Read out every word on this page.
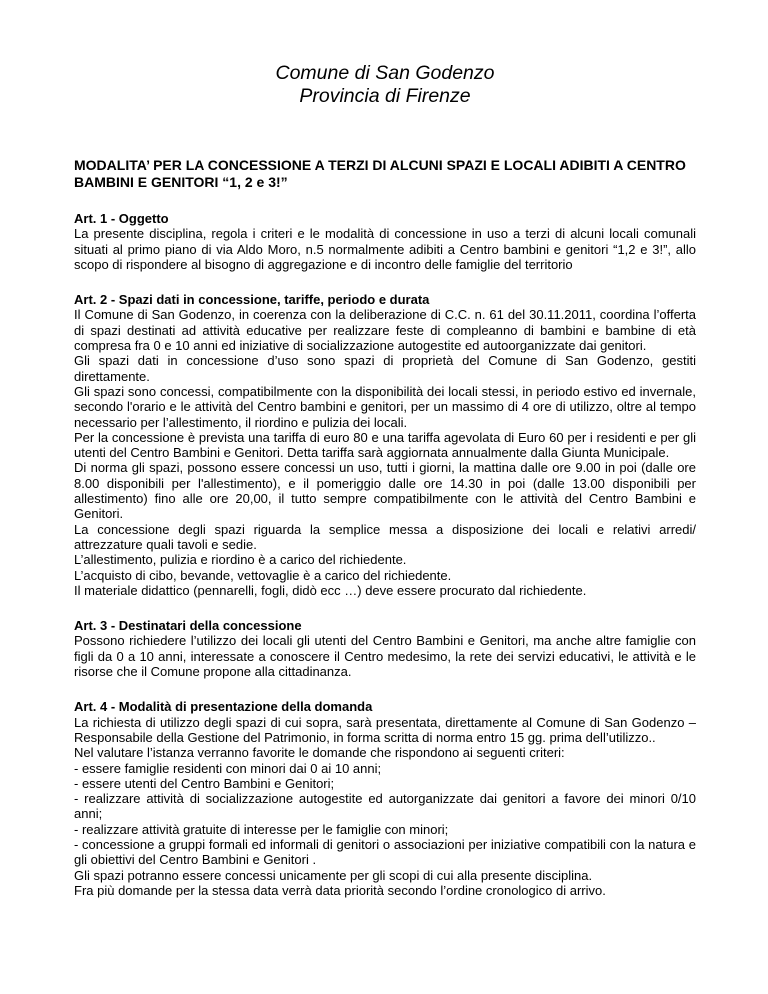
Comune di San Godenzo
Provincia di Firenze
MODALITA’ PER LA CONCESSIONE A TERZI DI ALCUNI SPAZI E LOCALI ADIBITI A CENTRO BAMBINI E GENITORI “1, 2 e 3!”
Art. 1 - Oggetto

La presente disciplina, regola i criteri e le modalità di concessione in uso a terzi di alcuni locali comunali situati al primo piano di via Aldo Moro, n.5 normalmente adibiti a Centro bambini e genitori “1,2 e 3!”, allo scopo di rispondere al bisogno di aggregazione e di incontro delle famiglie del territorio

Art. 2 - Spazi dati in concessione, tariffe, periodo e durata

Il Comune di San Godenzo, in coerenza con la deliberazione di C.C. n. 61 del 30.11.2011, coordina l’offerta di spazi destinati ad attività educative per realizzare feste di compleanno di bambini e bambine di età compresa fra 0 e 10 anni ed iniziative di socializzazione autogestite ed autoorganizzate dai genitori.

Gli spazi dati in concessione d’uso sono spazi di proprietà del Comune di San Godenzo, gestiti direttamente.

Gli spazi sono concessi, compatibilmente con la disponibilità dei locali stessi, in periodo estivo ed invernale, secondo l'orario e le attività del Centro bambini e genitori, per un massimo di 4 ore di utilizzo, oltre al tempo necessario per l’allestimento, il riordino e pulizia dei locali.

Per la concessione è prevista una tariffa di euro 80 e una tariffa agevolata di Euro 60 per i residenti e per gli utenti del Centro Bambini e Genitori. Detta tariffa sarà aggiornata annualmente dalla Giunta Municipale.

Di norma gli spazi, possono essere concessi un uso, tutti i giorni, la mattina dalle ore 9.00 in poi (dalle ore 8.00 disponibili per l'allestimento), e il pomeriggio dalle ore 14.30 in poi (dalle 13.00 disponibili per allestimento) fino alle ore 20,00, il tutto sempre compatibilmente con le attività del Centro Bambini e Genitori.

La concessione degli spazi riguarda la semplice messa a disposizione dei locali e relativi arredi/ attrezzature quali tavoli e sedie.

L’allestimento, pulizia e riordino è a carico del richiedente.

L’acquisto di cibo, bevande, vettovaglie è a carico del richiedente.

Il materiale didattico (pennarelli, fogli, didò ecc …) deve essere procurato dal richiedente.

Art. 3 - Destinatari della concessione

Possono richiedere l’utilizzo dei locali gli utenti del Centro Bambini e Genitori, ma anche altre famiglie con figli da 0 a 10 anni, interessate a conoscere il Centro medesimo, la rete dei servizi educativi, le attività e le risorse che il Comune propone alla cittadinanza.

Art. 4 - Modalità di presentazione della domanda

La richiesta di utilizzo degli spazi di cui sopra, sarà presentata, direttamente al Comune di San Godenzo – Responsabile della Gestione del Patrimonio, in forma scritta di norma entro 15 gg. prima dell’utilizzo..

Nel valutare l’istanza verranno favorite le domande che rispondono ai seguenti criteri:

- essere famiglie residenti con minori dai 0 ai 10 anni;

- essere utenti del Centro Bambini e Genitori;

- realizzare attività di socializzazione autogestite ed autorganizzate dai genitori a favore dei minori 0/10 anni;

- realizzare attività gratuite di interesse per le famiglie con minori;

- concessione a gruppi formali ed informali di genitori o associazioni per iniziative compatibili con la natura e gli obiettivi del Centro Bambini e Genitori .

Gli spazi potranno essere concessi unicamente per gli scopi di cui alla presente disciplina.

Fra più domande per la stessa data verrà data priorità secondo l’ordine cronologico di arrivo.
